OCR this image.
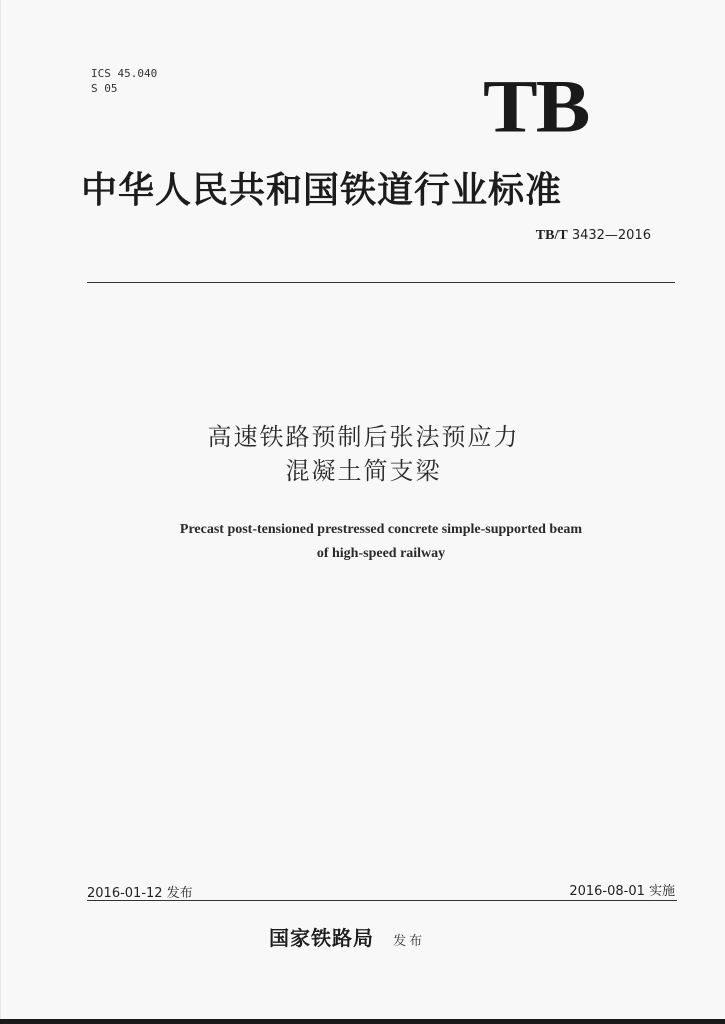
ICS 45.040
S 05	TB
中华人民共和国铁道行业标准
TB/T 3432—2016
高速铁路预制后张法预应力
混凝土简支梁
Precast post-tensioned prestressed concrete simple-supported beam
of high-speed railway
2016-01-12 发布	2016-08-01 实施
国家铁路局 发布
